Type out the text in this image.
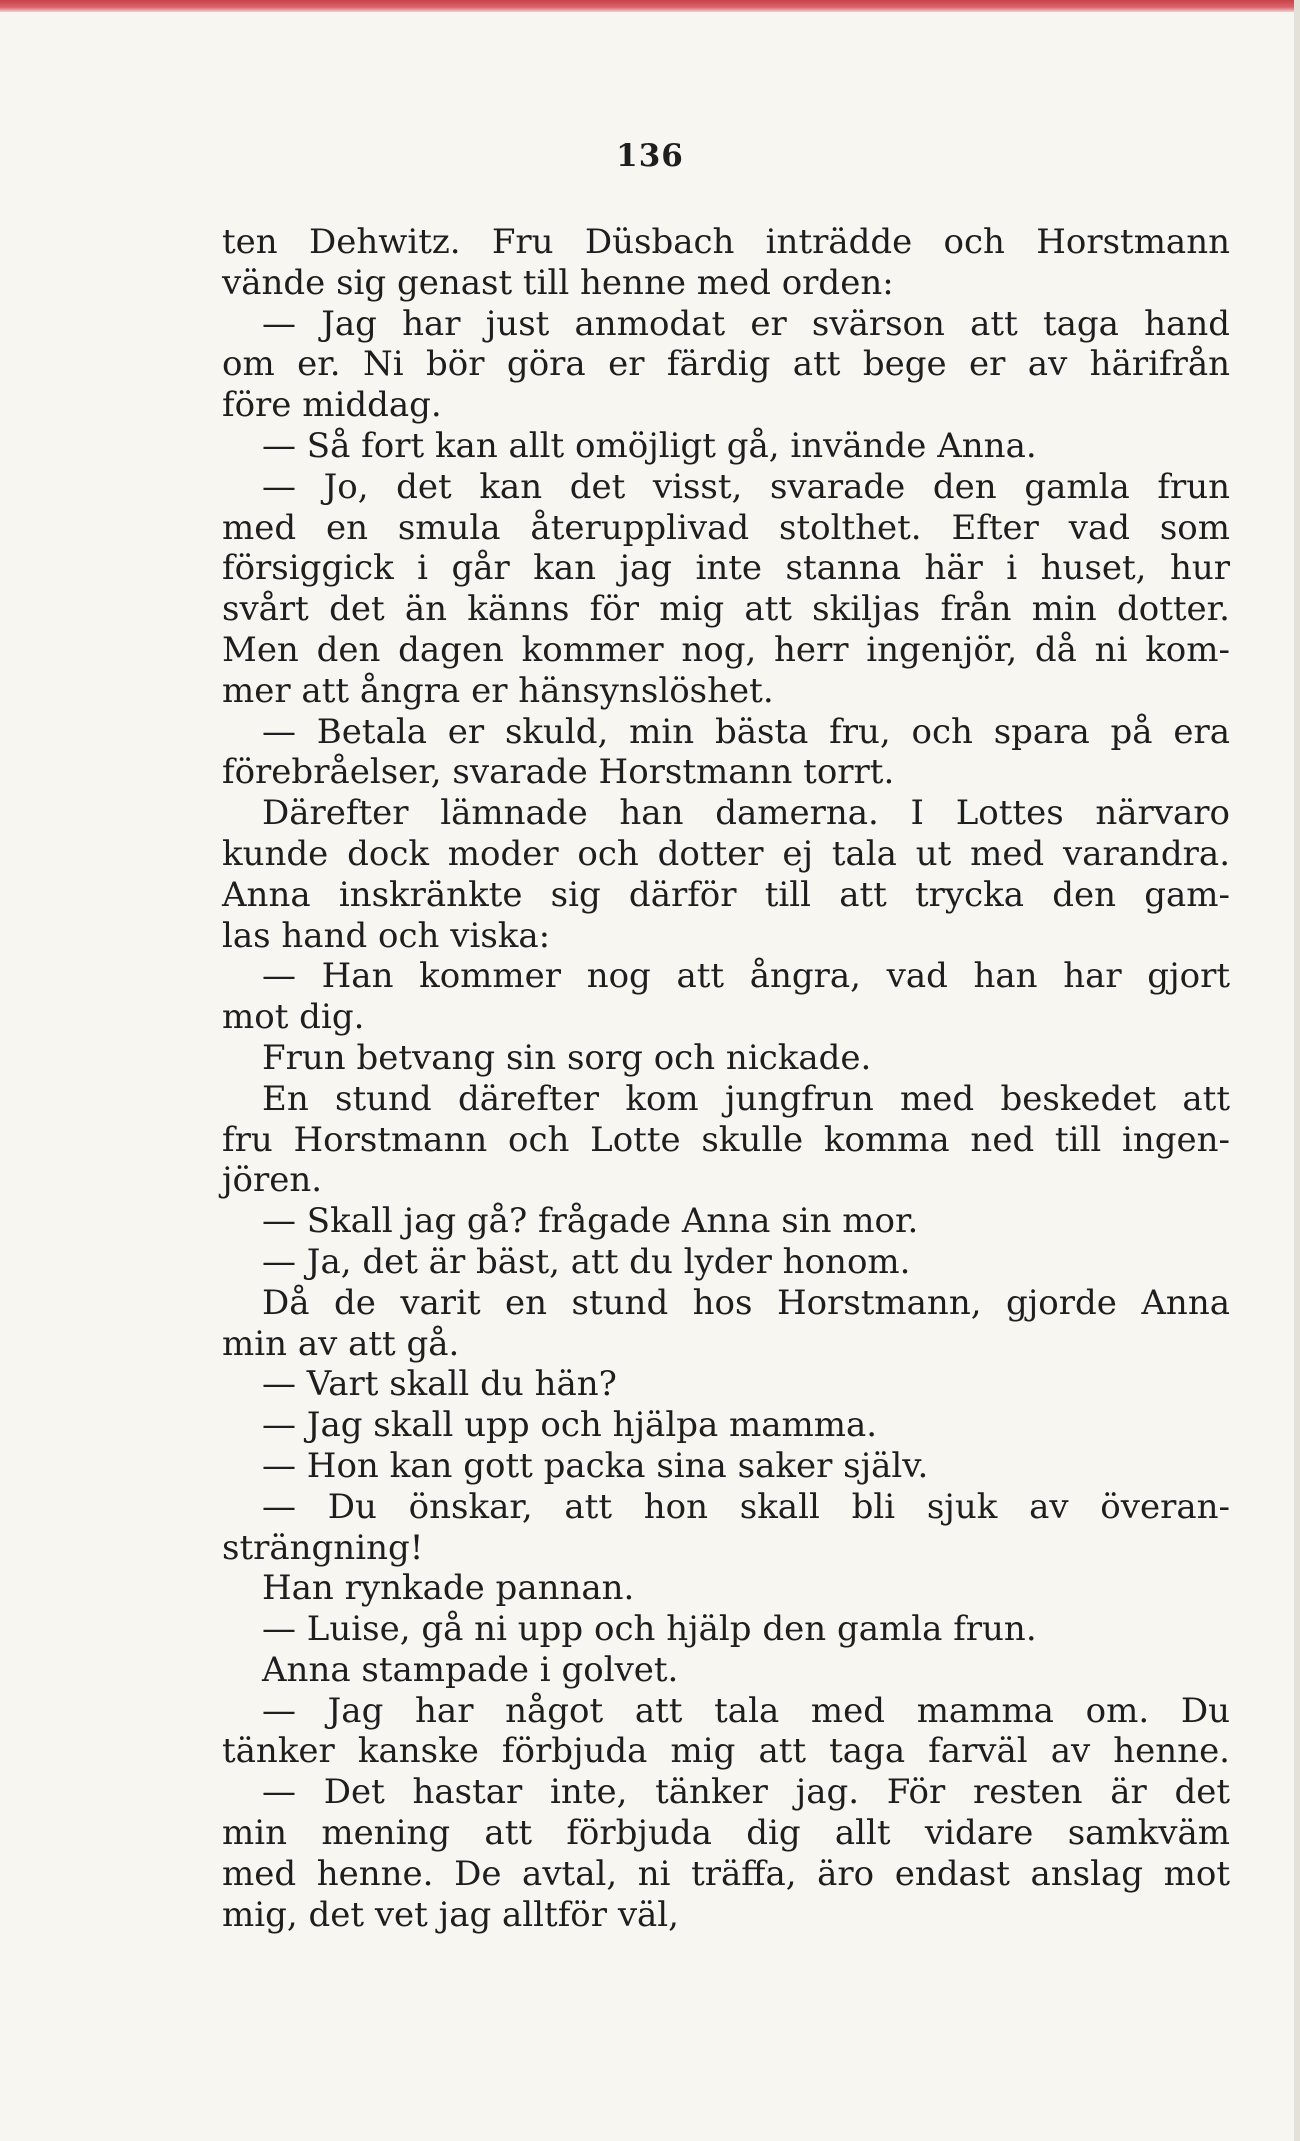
136
ten Dehwitz. Fru Düsbach inträdde och Horstmann
vände sig genast till henne med orden:
— Jag har just anmodat er svärson att taga hand
om er. Ni bör göra er färdig att bege er av härifrån
före middag.
— Så fort kan allt omöjligt gå, invände Anna.
— Jo, det kan det visst, svarade den gamla frun
med en smula återupplivad stolthet. Efter vad som
försiggick i går kan jag inte stanna här i huset, hur
svårt det än känns för mig att skiljas från min dotter.
Men den dagen kommer nog, herr ingenjör, då ni kom-
mer att ångra er hänsynslöshet.
— Betala er skuld, min bästa fru, och spara på era
förebråelser, svarade Horstmann torrt.
Därefter lämnade han damerna. I Lottes närvaro
kunde dock moder och dotter ej tala ut med varandra.
Anna inskränkte sig därför till att trycka den gam-
las hand och viska:
— Han kommer nog att ångra, vad han har gjort
mot dig.
Frun betvang sin sorg och nickade.
En stund därefter kom jungfrun med beskedet att
fru Horstmann och Lotte skulle komma ned till ingen-
jören.
— Skall jag gå? frågade Anna sin mor.
— Ja, det är bäst, att du lyder honom.
Då de varit en stund hos Horstmann, gjorde Anna
min av att gå.
— Vart skall du hän?
— Jag skall upp och hjälpa mamma.
— Hon kan gott packa sina saker själv.
— Du önskar, att hon skall bli sjuk av överan-
strängning!
Han rynkade pannan.
— Luise, gå ni upp och hjälp den gamla frun.
Anna stampade i golvet.
— Jag har något att tala med mamma om. Du
tänker kanske förbjuda mig att taga farväl av henne.
— Det hastar inte, tänker jag. För resten är det
min mening att förbjuda dig allt vidare samkväm
med henne. De avtal, ni träffa, äro endast anslag mot
mig, det vet jag alltför väl,
